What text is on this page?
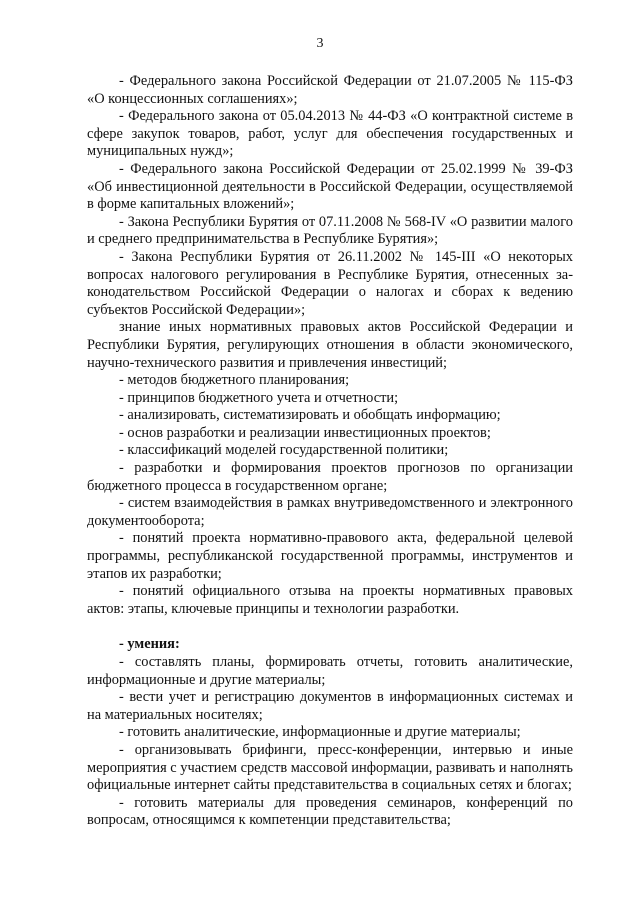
3

- Федерального закона Российской Федерации от 21.07.2005 № 115-ФЗ «О концессионных соглашениях»;

- Федерального закона от 05.04.2013 № 44-ФЗ «О контрактной системе в сфере закупок товаров, работ, услуг для обеспечения государственных и муниципальных нужд»;

- Федерального закона Российской Федерации от 25.02.1999 № 39-ФЗ «Об инвестиционной деятельности в Российской Федерации, осуществляемой в форме капитальных вложений»;

- Закона Республики Бурятия от 07.11.2008 № 568-IV «О развитии малого и среднего предпринимательства в Республике Бурятия»;

- Закона Республики Бурятия от 26.11.2002 № 145-III «О некоторых вопросах налогового регулирования в Республике Бурятия, отнесенных законодательством Российской Федерации о налогах и сборах к ведению субъектов Российской Федерации»;

знание иных нормативных правовых актов Российской Федерации и Республики Бурятия, регулирующих отношения в области экономического, научно-технического развития и привлечения инвестиций;

- методов бюджетного планирования;

- принципов бюджетного учета и отчетности;

- анализировать, систематизировать и обобщать информацию;

- основ разработки и реализации инвестиционных проектов;

- классификаций моделей государственной политики;

- разработки и формирования проектов прогнозов по организации бюджетного процесса в государственном органе;

- систем взаимодействия в рамках внутриведомственного и электронного документооборота;

- понятий проекта нормативно-правового акта, федеральной целевой программы, республиканской государственной программы, инструментов и этапов их разработки;

- понятий официального отзыва на проекты нормативных правовых актов: этапы, ключевые принципы и технологии разработки.

- умения:

- составлять планы, формировать отчеты, готовить аналитические, информационные и другие материалы;

- вести учет и регистрацию документов в информационных системах и на материальных носителях;

- готовить аналитические, информационные и другие материалы;

- организовывать брифинги, пресс-конференции, интервью и иные мероприятия с участием средств массовой информации, развивать и наполнять официальные интернет сайты представительства в социальных сетях и блогах;

- готовить материалы для проведения семинаров, конференций по вопросам, относящимся к компетенции представительства;
